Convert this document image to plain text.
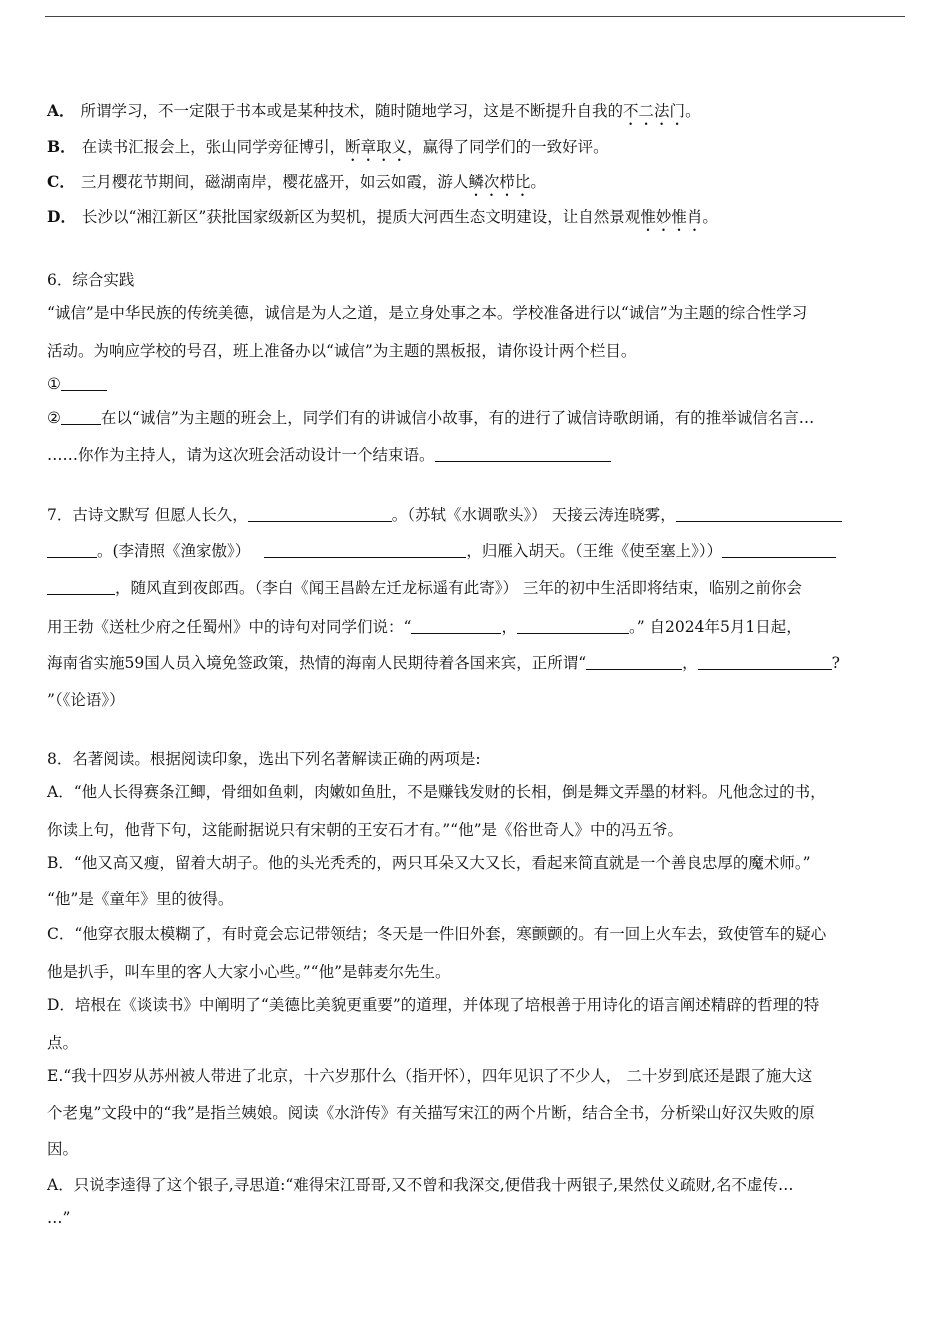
A． 所谓学习，不一定限于书本或是某种技术，随时随地学习，这是不断提升自我的不二法门。
B． 在读书汇报会上，张山同学旁征博引，断章取义，赢得了同学们的一致好评。
C． 三月樱花节期间，磁湖南岸，樱花盛开，如云如霞，游人鳞次栉比。
D． 长沙以“湘江新区”获批国家级新区为契机，提质大河西生态文明建设，让自然景观惟妙惟肖。
6．综合实践
“诚信”是中华民族的传统美德，诚信是为人之道，是立身处事之本。学校准备进行以“诚信”为主题的综合性学习
活动。为响应学校的号召，班上准备办以“诚信”为主题的黑板报，请你设计两个栏目。
①
②	在以“诚信”为主题的班会上，同学们有的讲诚信小故事，有的进行了诚信诗歌朗诵，有的推举诚信名言…
……你作为主持人，请为这次班会活动设计一个结束语。
7．古诗文默写 但愿人长久，	。（苏轼《水调歌头》） 天接云涛连晓雾，
。(李清照《渔家傲》）	，归雁入胡天。（王维《使至塞上》））
，随风直到夜郎西。（李白《闻王昌龄左迁龙标遥有此寄》） 三年的初中生活即将结束，临别之前你会
用王勃《送杜少府之任蜀州》中的诗句对同学们说：“	，	。” 自2024年5月1日起，
海南省实施59国人员入境免签政策，热情的海南人民期待着各国来宾，正所谓“	，	?
”（《论语》）
8．名著阅读。根据阅读印象，选出下列名著解读正确的两项是:
A．“他人长得赛条江鲫，骨细如鱼刺，肉嫩如鱼肚，不是赚钱发财的长相，倒是舞文弄墨的材料。凡他念过的书，
你读上句，他背下句，这能耐据说只有宋朝的王安石才有。”“他”是《俗世奇人》中的冯五爷。
B．“他又高又瘦，留着大胡子。他的头光秃秃的，两只耳朵又大又长，看起来简直就是一个善良忠厚的魔术师。”
“他”是《童年》里的彼得。
C．“他穿衣服太模糊了，有时竟会忘记带领结；冬天是一件旧外套，寒颤颤的。有一回上火车去，致使管车的疑心
他是扒手，叫车里的客人大家小心些。”“他”是韩麦尔先生。
D．培根在《谈读书》中阐明了“美德比美貌更重要”的道理，并体现了培根善于用诗化的语言阐述精辟的哲理的特
点。
E.“我十四岁从苏州被人带进了北京，十六岁那什么（指开怀），四年见识了不少人， 二十岁到底还是跟了施大这
个老鬼”文段中的“我”是指兰姨娘。阅读《水浒传》有关描写宋江的两个片断，结合全书，分析梁山好汉失败的原
因。
A．只说李逵得了这个银子,寻思道:“难得宋江哥哥,又不曾和我深交,便借我十两银子,果然仗义疏财,名不虚传…
…”
